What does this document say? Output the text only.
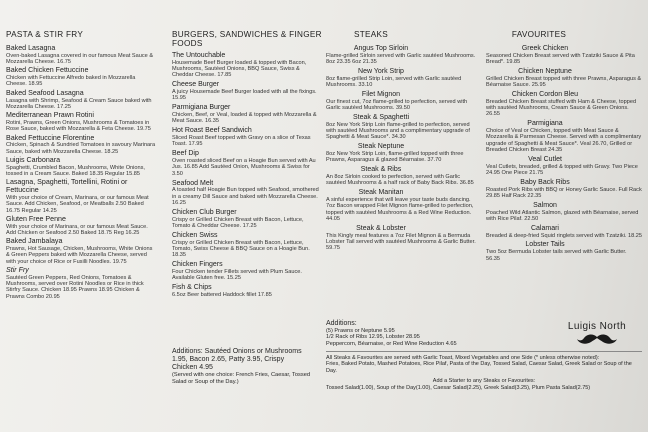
PASTA & STIR FRY
Baked Lasagna
Oven-baked Lasagna covered in our famous Meat Sauce & Mozzarella Cheese. 16.75
Baked Chicken Fettuccine
Chicken with Fettuccine Alfredo baked in Mozzarella Cheese. 18.95
Baked Seafood Lasagna
Lasagna with Shrimp, Seafood & Cream Sauce baked with Mozzarella Cheese. 17.25
Mediterranean Prawn Rotini
Rotini, Prawns, Green Onions, Mushrooms & Tomatoes in Rose Sauce, baked with Mozzarella & Feta Cheese. 19.75
Baked Fettuccine Florentine
Chicken, Spinach & Sundried Tomatoes in savoury Marinara Sauce, baked with Mozzarella Cheese. 18.25
Luigis Carbonara
Spaghetti, Crumbled Bacon, Mushrooms, White Onions, tossed in a Cream Sauce. Baked 18.35 Regular 15.85
Lasagna, Spaghetti, Tortellini, Rotini or Fettuccine
With your choice of Cream, Marinara, or our famous Meat Sauce. Add Chicken, Seafood, or Meatballs 2.50 Baked 16.75 Regular 14.25
Gluten Free Penne
With your choice of Marinara, or our famous Meat Sauce. Add Chicken or Seafood 2.50 Baked 18.75 Reg 16.25
Baked Jambalaya
Prawns, Hot Sausage, Chicken, Mushrooms, White Onions & Green Peppers baked with Mozzarella Cheese, served with your choice of Rice or Fusilli Noodles. 19.75
Stir Fry
Sautéed Green Peppers, Red Onions, Tomatoes & Mushrooms, served over Rotini Noodles or Rice in thick Stirfry Sauce. Chicken 18.95 Prawns 18.95 Chicken & Prawns Combo 20.95
BURGERS, SANDWICHES & FINGER FOODS
The Untouchable
Housemade Beef Burger loaded & topped with Bacon, Mushrooms, Sautéed Onions, BBQ Sauce, Swiss & Cheddar Cheese. 17.85
Cheese Burger
A juicy Housemade Beef Burger loaded with all the fixings. 15.95
Parmigiana Burger
Chicken, Beef, or Veal, loaded & topped with Mozzarella & Meat Sauce. 16.35
Hot Roast Beef Sandwich
Sliced Roast Beef topped with Gravy on a slice of Texas Toast. 17.95
Beef Dip
Oven roasted sliced Beef on a Hoagie Bun served with Au Jus. 16.85 Add Sautéed Onion, Mushrooms & Swiss for 3.50
Seafood Melt
A toasted half Hoagie Bun topped with Seafood, smothered in a creamy Dill Sauce and baked with Mozzarella Cheese. 16.25
Chicken Club Burger
Crispy or Grilled Chicken Breast with Bacon, Lettuce, Tomato & Cheddar Cheese. 17.25
Chicken Swiss
Crispy or Grilled Chicken Breast with Bacon, Lettuce, Tomato, Swiss Cheese & BBQ Sauce on a Hoagie Bun. 18.35
Chicken Fingers
Four Chicken tender Fillets served with Plum Sauce. Available Gluten free. 15.25
Fish & Chips
6.5oz Beer battered Haddock fillet 17.85
Additions: Sautéed Onions or Mushrooms
1.95, Bacon 2.65, Patty 3.95, Crispy
Chicken 4.95
(Served with one choice: French Fries, Caesar, Tossed Salad or Soup of the Day.)
STEAKS
Angus Top Sirloin
Flame-grilled Sirloin served with Garlic sautéed Mushrooms. 8oz 23.35 6oz 21.35
New York Strip
8oz flame-grilled Strip Loin, served with Garlic sautéed Mushrooms. 33.10
Filet Mignon
Our finest cut, 7oz flame-grilled to perfection, served with Garlic sautéed Mushrooms. 39.50
Steak & Spaghetti
8oz New York Strip Loin flame-grilled to perfection, served with sautéed Mushrooms and a complimentary upgrade of Spaghetti & Meat Sauce*. 34.30
Steak Neptune
8oz New York Strip Loin, flame-grilled topped with three Prawns, Asparagus & glazed Béarnaise. 37.70
Steak & Ribs
An 8oz Sirloin cooked to perfection, served with Garlic sautéed Mushrooms & a half rack of Baby Back Ribs. 36.85
Steak Manitan
A sinful experience that will leave your taste buds dancing. 7oz Bacon wrapped Filet Mignon flame-grilled to perfection, topped with sautéed Mushrooms & a Red Wine Reduction. 44.05
Steak & Lobster
This Kingly meal features a 7oz Filet Mignon & a Bermuda Lobster Tail served with sautéed Mushrooms & Garlic Butter. 59.75
Additions:
(5) Prawns or Neptune 5.95
1/2 Rack of Ribs 12.95, Lobster 28.95
Peppercorn, Béarnaise, or Red Wine Reduction 4.65
FAVOURITES
Greek Chicken
Seasoned Chicken Breast served with Tzatziki Sauce & Pita Bread*. 19.85
Chicken Neptune
Grilled Chicken Breast topped with three Prawns, Asparagus & Béarnaise Sauce. 25.95
Chicken Cordon Bleu
Breaded Chicken Breast stuffed with Ham & Cheese, topped with sautéed Mushrooms, Cream Sauce & Green Onions. 26.55
Parmigiana
Choice of Veal or Chicken, topped with Meat Sauce & Mozzarella & Parmesan Cheese. Served with a complimentary upgrade of Spaghetti & Meat Sauce*. Veal 26.70, Grilled or Breaded Chicken Breast 24.35
Veal Cutlet
Veal Cutlets, breaded, grilled & topped with Gravy. Two Piece 24.95 One Piece 21.75
Baby Back Ribs
Roasted Pork Ribs with BBQ or Honey Garlic Sauce. Full Rack 29.85 Half Rack 22.35
Salmon
Poached Wild Atlantic Salmon, glazed with Béarnaise, served with Rice Pilaf. 22.50
Calamari
Breaded & deep-fried Squid ringlets served with Tzatziki. 18.25
Lobster Tails
Two 5oz Bermuda Lobster tails served with Garlic Butter. 56.35
Luigis North
All Steaks & Favourites are served with Garlic Toast, Mixed Vegetables and one Side (* unless otherwise noted):
Fries, Baked Potato, Mashed Potatoes, Rice Pilaf, Pasta of the Day, Tossed Salad, Caesar Salad, Greek Salad or Soup of the Day.
Add a Starter to any Steaks or Favourites:
Tossed Salad(1.00), Soup of the Day(1.00), Caesar Salad(2.25), Greek Salad(3.25), Plum Pasta Salad(2.75)
